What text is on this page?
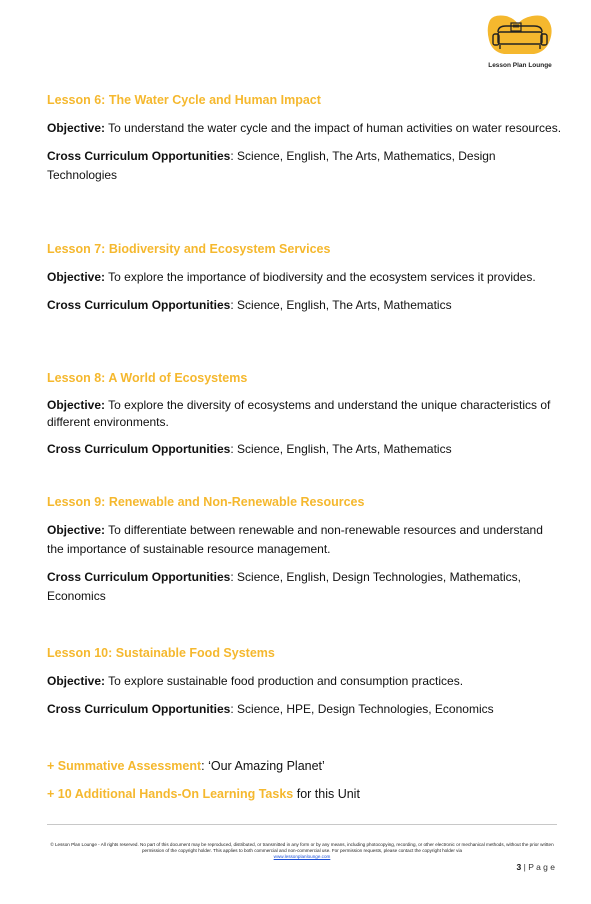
Lesson Plan Lounge
Lesson 6: The Water Cycle and Human Impact

Objective: To understand the water cycle and the impact of human activities on water resources.

Cross Curriculum Opportunities: Science, English, The Arts, Mathematics, Design Technologies

Lesson 7: Biodiversity and Ecosystem Services

Objective: To explore the importance of biodiversity and the ecosystem services it provides.

Cross Curriculum Opportunities: Science, English, The Arts, Mathematics

Lesson 8: A World of Ecosystems

Objective: To explore the diversity of ecosystems and understand the unique characteristics of different environments.

Cross Curriculum Opportunities: Science, English, The Arts, Mathematics

Lesson 9: Renewable and Non-Renewable Resources

Objective: To differentiate between renewable and non-renewable resources and understand the importance of sustainable resource management.

Cross Curriculum Opportunities: Science, English, Design Technologies, Mathematics, Economics

Lesson 10: Sustainable Food Systems

Objective: To explore sustainable food production and consumption practices.

Cross Curriculum Opportunities: Science, HPE, Design Technologies, Economics

+ Summative Assessment: ‘Our Amazing Planet’

+ 10 Additional Hands-On Learning Tasks for this Unit

© Lesson Plan Lounge - All rights reserved. No part of this document may be reproduced, distributed, or transmitted in any form or by any means, including photocopying, recording, or other electronic or mechanical methods, without the prior written permission of the copyright holder. This applies to both commercial and non-commercial use. For permission requests, please contact the copyright holder via
www.lessonplanlounge.com
3 | P a g e
